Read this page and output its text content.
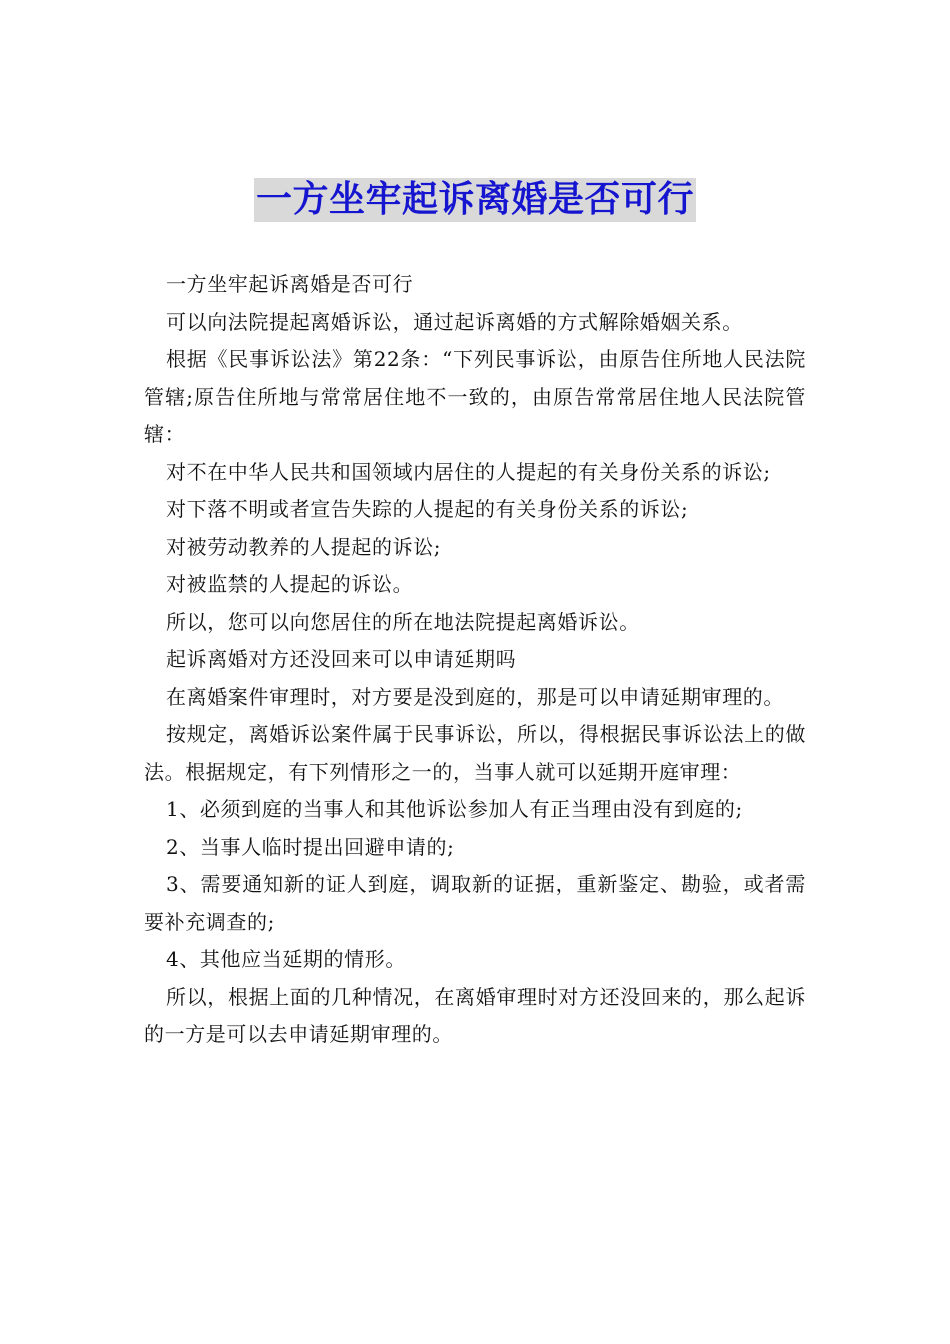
一方坐牢起诉离婚是否可行

一方坐牢起诉离婚是否可行

可以向法院提起离婚诉讼，通过起诉离婚的方式解除婚姻关系。

根据《民事诉讼法》第22条：“下列民事诉讼，由原告住所地人民法院管辖;原告住所地与常常居住地不一致的，由原告常常居住地人民法院管辖：

对不在中华人民共和国领域内居住的人提起的有关身份关系的诉讼;

对下落不明或者宣告失踪的人提起的有关身份关系的诉讼;

对被劳动教养的人提起的诉讼;

对被监禁的人提起的诉讼。

所以，您可以向您居住的所在地法院提起离婚诉讼。

起诉离婚对方还没回来可以申请延期吗

在离婚案件审理时，对方要是没到庭的，那是可以申请延期审理的。

按规定，离婚诉讼案件属于民事诉讼，所以，得根据民事诉讼法上的做法。根据规定，有下列情形之一的，当事人就可以延期开庭审理：

1、必须到庭的当事人和其他诉讼参加人有正当理由没有到庭的;

2、当事人临时提出回避申请的;

3、需要通知新的证人到庭，调取新的证据，重新鉴定、勘验，或者需要补充调查的;

4、其他应当延期的情形。

所以，根据上面的几种情况，在离婚审理时对方还没回来的，那么起诉的一方是可以去申请延期审理的。
